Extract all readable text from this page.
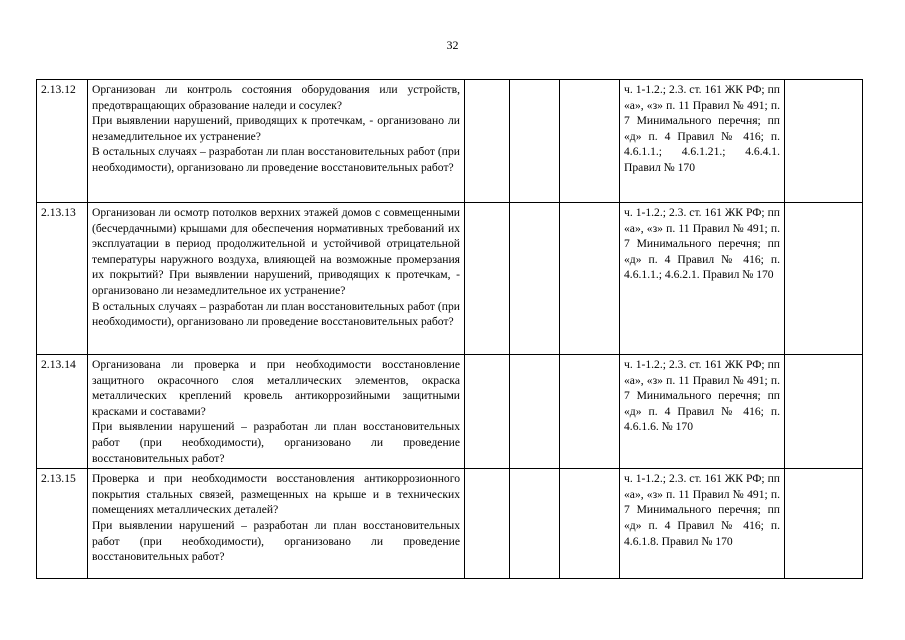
32
2.13.12	Организован ли контроль состояния оборудования или устройств, предотвращающих образование наледи и сосулек?

При выявлении нарушений, приводящих к протечкам, - организовано ли незамедлительное их устранение?

В остальных случаях – разработан ли план восстановительных работ (при необходимости), организовано ли проведение восстановительных работ?				ч. 1-1.2.; 2.3. ст. 161 ЖК РФ; пп «а», «з» п. 11 Правил № 491; п. 7 Минимального перечня; пп «д» п. 4 Правил № 416; п. 4.6.1.1.; 4.6.1.21.; 4.6.4.1. Правил № 170	

2.13.13	Организован ли осмотр потолков верхних этажей домов с совмещенными (бесчердачными) крышами для обеспечения нормативных требований их эксплуатации в период продолжительной и устойчивой отрицательной температуры наружного воздуха, влияющей на возможные промерзания их покрытий? При выявлении нарушений, приводящих к протечкам, - организовано ли незамедлительное их устранение?

В остальных случаях – разработан ли план восстановительных работ (при необходимости), организовано ли проведение восстановительных работ?				ч. 1-1.2.; 2.3. ст. 161 ЖК РФ; пп «а», «з» п. 11 Правил № 491; п. 7 Минимального перечня; пп «д» п. 4 Правил № 416; п. 4.6.1.1.; 4.6.2.1. Правил № 170	

2.13.14	Организована ли проверка и при необходимости восстановление защитного окрасочного слоя металлических элементов, окраска металлических креплений кровель антикоррозийными защитными красками и составами?

При выявлении нарушений – разработан ли план восстановительных работ (при необходимости), организовано ли проведение восстановительных работ?				ч. 1-1.2.; 2.3. ст. 161 ЖК РФ; пп «а», «з» п. 11 Правил № 491; п. 7 Минимального перечня; пп «д» п. 4 Правил № 416; п. 4.6.1.6. № 170	

2.13.15	Проверка и при необходимости восстановления антикоррозионного покрытия стальных связей, размещенных на крыше и в технических помещениях металлических деталей?

При выявлении нарушений – разработан ли план восстановительных работ (при необходимости), организовано ли проведение восстановительных работ?				ч. 1-1.2.; 2.3. ст. 161 ЖК РФ; пп «а», «з» п. 11 Правил № 491; п. 7 Минимального перечня; пп «д» п. 4 Правил № 416; п. 4.6.1.8. Правил № 170	
